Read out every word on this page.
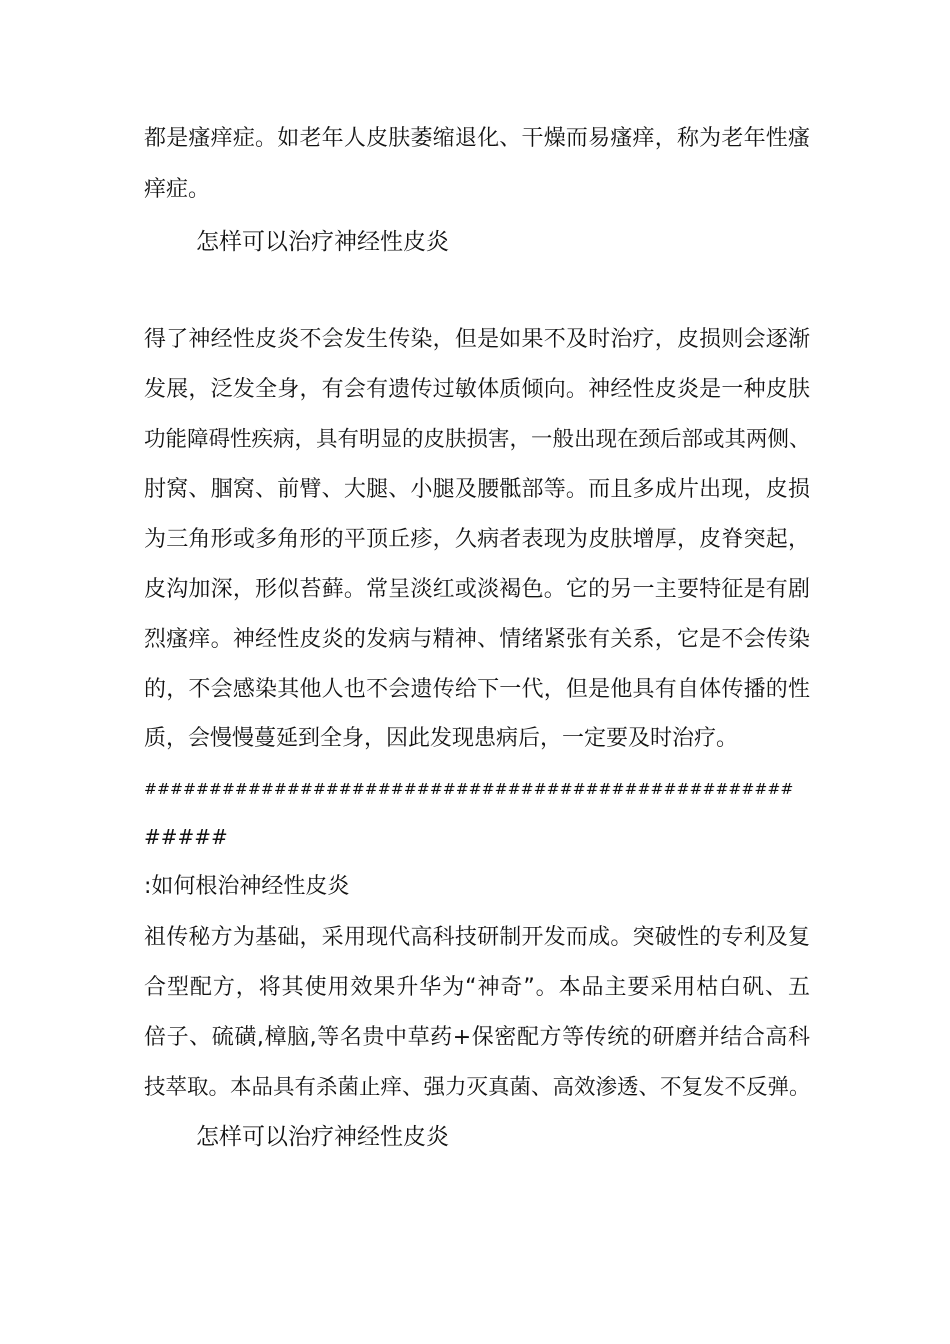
都是瘙痒症。如老年人皮肤萎缩退化、干燥而易瘙痒，称为老年性瘙

痒症。

怎样可以治疗神经性皮炎

得了神经性皮炎不会发生传染，但是如果不及时治疗，皮损则会逐渐

发展，泛发全身，有会有遗传过敏体质倾向。神经性皮炎是一种皮肤

功能障碍性疾病，具有明显的皮肤损害，一般出现在颈后部或其两侧、

肘窝、腘窝、前臂、大腿、小腿及腰骶部等。而且多成片出现，皮损

为三角形或多角形的平顶丘疹，久病者表现为皮肤增厚，皮脊突起，

皮沟加深，形似苔藓。常呈淡红或淡褐色。它的另一主要特征是有剧

烈瘙痒。神经性皮炎的发病与精神、情绪紧张有关系，它是不会传染

的，不会感染其他人也不会遗传给下一代，但是他具有自体传播的性

质，会慢慢蔓延到全身，因此发现患病后，一定要及时治疗。

##################################################

#####

:如何根治神经性皮炎

祖传秘方为基础，采用现代高科技研制开发而成。突破性的专利及复

合型配方，将其使用效果升华为“神奇”。本品主要采用枯白矾、五

倍子、硫磺,樟脑,等名贵中草药+保密配方等传统的研磨并结合高科

技萃取。本品具有杀菌止痒、强力灭真菌、高效渗透、不复发不反弹。

怎样可以治疗神经性皮炎
